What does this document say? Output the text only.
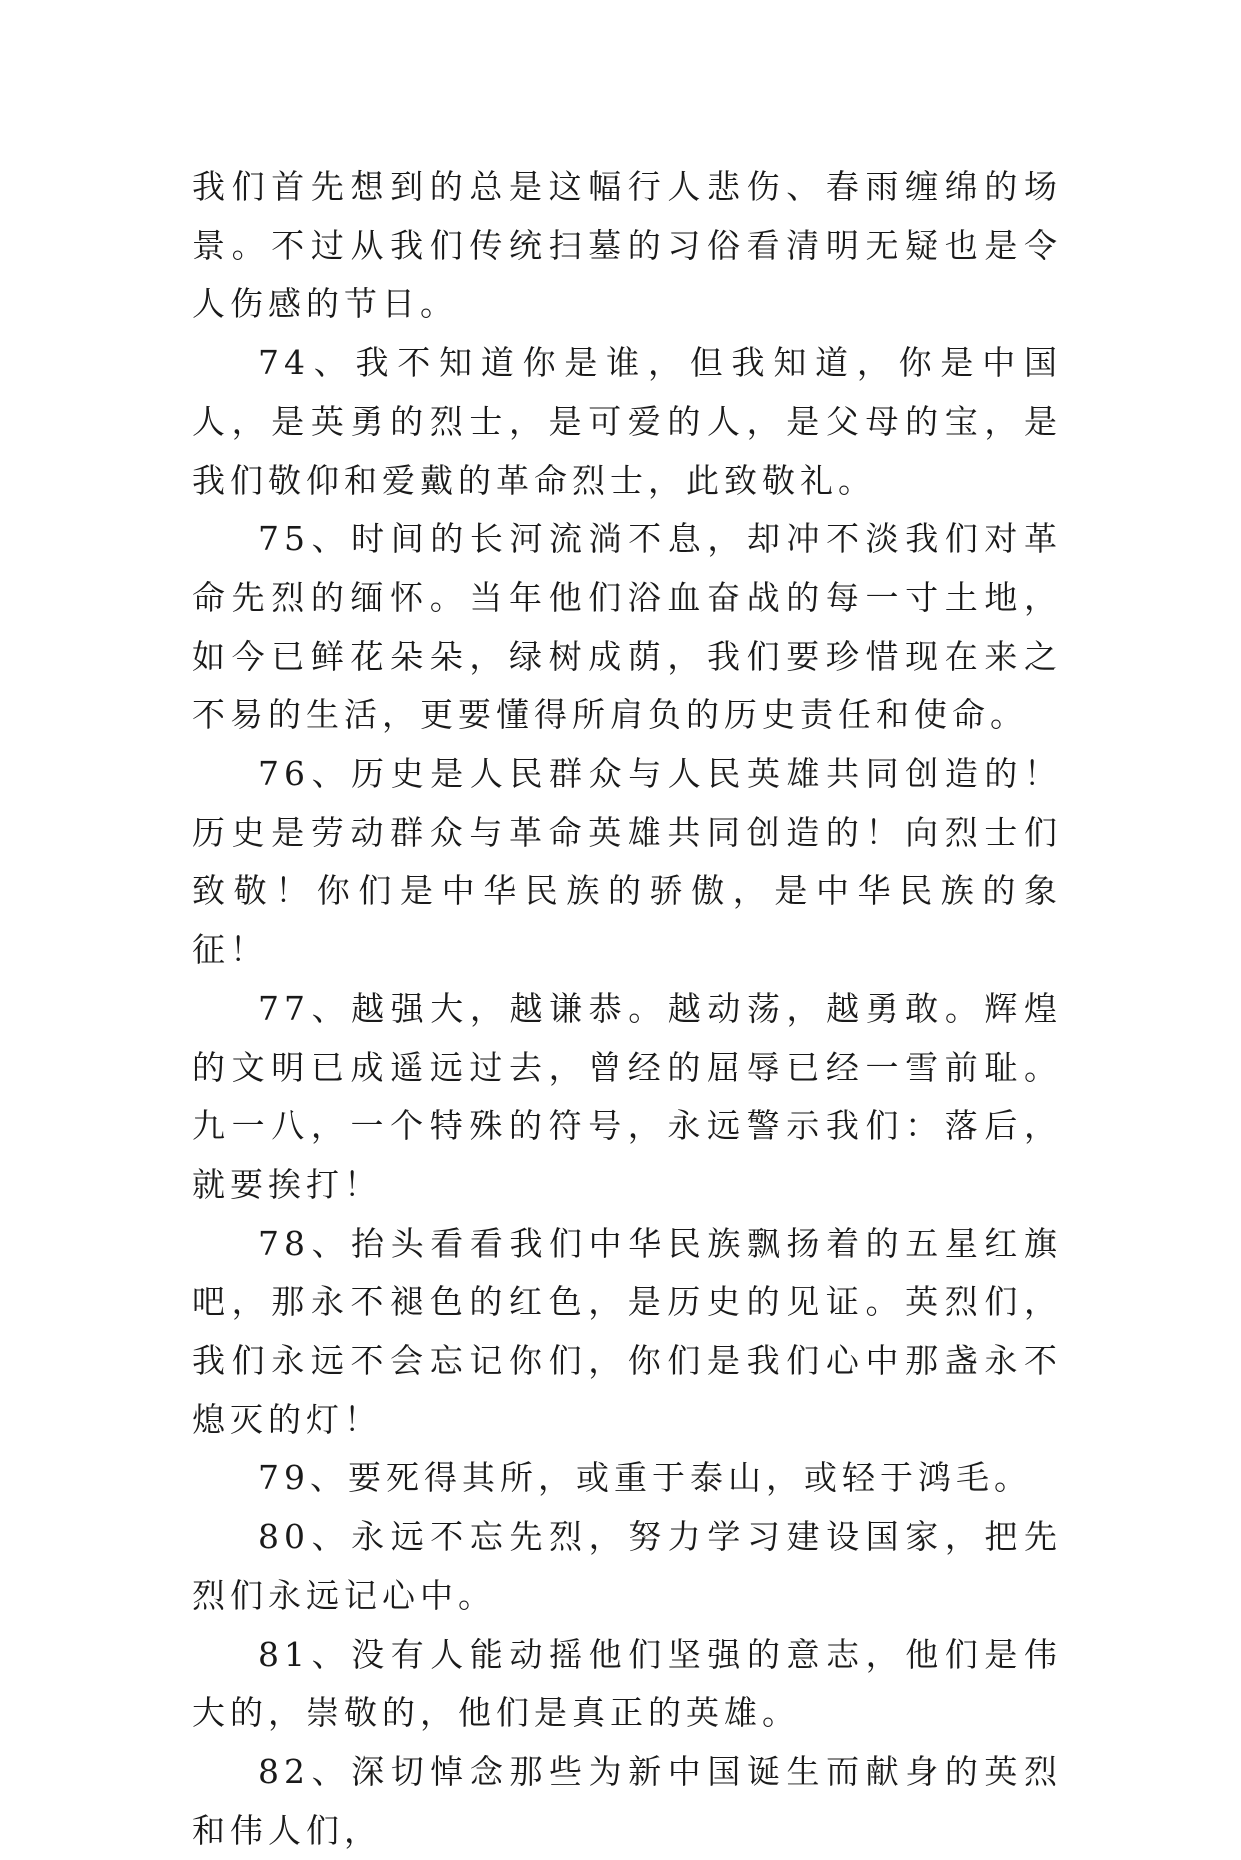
我们首先想到的总是这幅行人悲伤、春雨缠绵的场景。不过从我们传统扫墓的习俗看清明无疑也是令人伤感的节日。

74、我不知道你是谁，但我知道，你是中国人，是英勇的烈士，是可爱的人，是父母的宝，是我们敬仰和爱戴的革命烈士，此致敬礼。

75、时间的长河流淌不息，却冲不淡我们对革命先烈的缅怀。当年他们浴血奋战的每一寸土地，如今已鲜花朵朵，绿树成荫，我们要珍惜现在来之不易的生活，更要懂得所肩负的历史责任和使命。

76、历史是人民群众与人民英雄共同创造的！历史是劳动群众与革命英雄共同创造的！向烈士们致敬！你们是中华民族的骄傲，是中华民族的象征！

77、越强大，越谦恭。越动荡，越勇敢。辉煌的文明已成遥远过去，曾经的屈辱已经一雪前耻。九一八，一个特殊的符号，永远警示我们：落后，就要挨打！

78、抬头看看我们中华民族飘扬着的五星红旗吧，那永不褪色的红色，是历史的见证。英烈们，我们永远不会忘记你们，你们是我们心中那盏永不熄灭的灯！

79、要死得其所，或重于泰山，或轻于鸿毛。

80、永远不忘先烈，努力学习建设国家，把先烈们永远记心中。

81、没有人能动摇他们坚强的意志，他们是伟大的，崇敬的，他们是真正的英雄。

82、深切悼念那些为新中国诞生而献身的英烈和伟人们，
